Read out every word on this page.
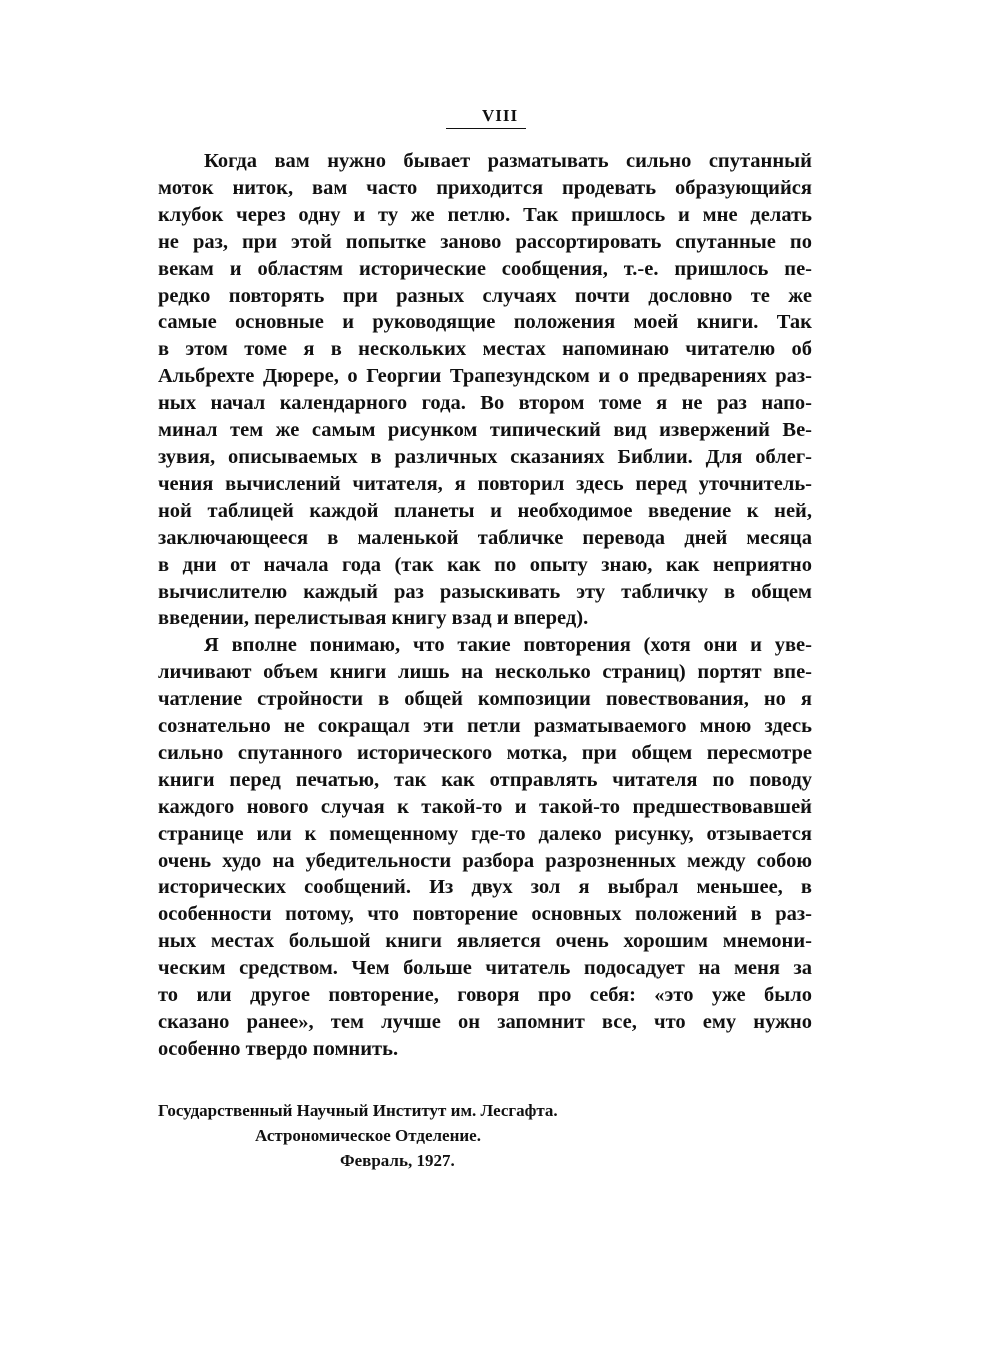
VIII

Когда вам нужно бывает разматывать сильно спутанный
моток ниток, вам часто приходится продевать образующийся
клубок через одну и ту же петлю. Так пришлось и мне делать
не раз, при этой попытке заново рассортировать спутанные по
векам и областям исторические сообщения, т.-е. пришлось пе-
редко повторять при разных случаях почти дословно те же
самые основные и руководящие положения моей книги. Так
в этом томе я в нескольких местах напоминаю читателю об
Альбрехте Дюрере, о Георгии Трапезундском и о предварениях раз-
ных начал календарного года. Во втором томе я не раз напо-
минал тем же самым рисунком типический вид извержений Ве-
зувия, описываемых в различных сказаниях Библии. Для облег-
чения вычислений читателя, я повторил здесь перед уточнитель-
ной таблицей каждой планеты и необходимое введение к ней,
заключающееся в маленькой табличке перевода дней месяца
в дни от начала года (так как по опыту знаю, как неприятно
вычислителю каждый раз разыскивать эту табличку в общем
введении, перелистывая книгу взад и вперед).

Я вполне понимаю, что такие повторения (хотя они и уве-
личивают объем книги лишь на несколько страниц) портят впе-
чатление стройности в общей композиции повествования, но я
сознательно не сокращал эти петли разматываемого мною здесь
сильно спутанного исторического мотка, при общем пересмотре
книги перед печатью, так как отправлять читателя по поводу
каждого нового случая к такой-то и такой-то предшествовавшей
странице или к помещенному где-то далеко рисунку, отзывается
очень худо на убедительности разбора разрозненных между собою
исторических сообщений. Из двух зол я выбрал меньшее, в
особенности потому, что повторение основных положений в раз-
ных местах большой книги является очень хорошим мнемони-
ческим средством. Чем больше читатель подосадует на меня за
то или другое повторение, говоря про себя: «это уже было
сказано ранее», тем лучше он запомнит все, что ему нужно
особенно твердо помнить.

Государственный Научный Институт им. Лесгафта.
Астрономическое Отделение.
Февраль, 1927.
